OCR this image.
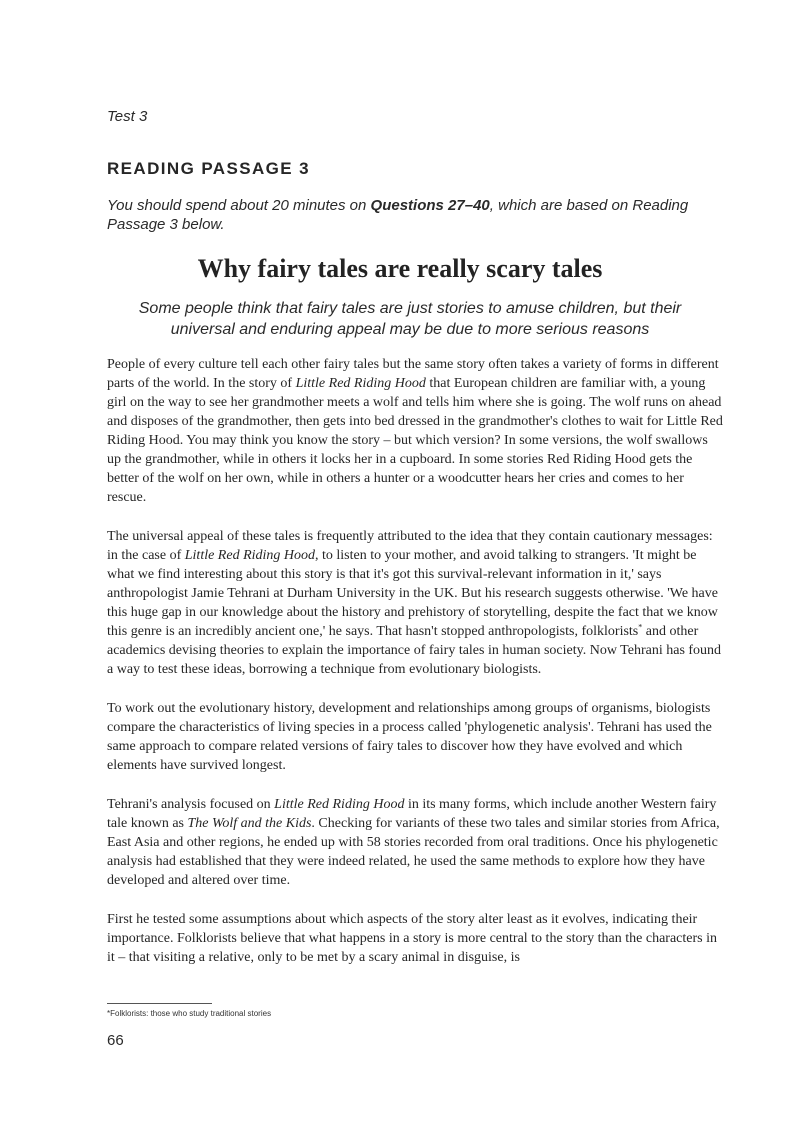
Test 3
READING PASSAGE 3
You should spend about 20 minutes on Questions 27–40, which are based on Reading Passage 3 below.
Why fairy tales are really scary tales
Some people think that fairy tales are just stories to amuse children, but their universal and enduring appeal may be due to more serious reasons

People of every culture tell each other fairy tales but the same story often takes a variety of forms in different parts of the world. In the story of Little Red Riding Hood that European children are familiar with, a young girl on the way to see her grandmother meets a wolf and tells him where she is going. The wolf runs on ahead and disposes of the grandmother, then gets into bed dressed in the grandmother's clothes to wait for Little Red Riding Hood. You may think you know the story – but which version? In some versions, the wolf swallows up the grandmother, while in others it locks her in a cupboard. In some stories Red Riding Hood gets the better of the wolf on her own, while in others a hunter or a woodcutter hears her cries and comes to her rescue.

The universal appeal of these tales is frequently attributed to the idea that they contain cautionary messages: in the case of Little Red Riding Hood, to listen to your mother, and avoid talking to strangers. 'It might be what we find interesting about this story is that it's got this survival-relevant information in it,' says anthropologist Jamie Tehrani at Durham University in the UK. But his research suggests otherwise. 'We have this huge gap in our knowledge about the history and prehistory of storytelling, despite the fact that we know this genre is an incredibly ancient one,' he says. That hasn't stopped anthropologists, folklorists* and other academics devising theories to explain the importance of fairy tales in human society. Now Tehrani has found a way to test these ideas, borrowing a technique from evolutionary biologists.

To work out the evolutionary history, development and relationships among groups of organisms, biologists compare the characteristics of living species in a process called 'phylogenetic analysis'. Tehrani has used the same approach to compare related versions of fairy tales to discover how they have evolved and which elements have survived longest.

Tehrani's analysis focused on Little Red Riding Hood in its many forms, which include another Western fairy tale known as The Wolf and the Kids. Checking for variants of these two tales and similar stories from Africa, East Asia and other regions, he ended up with 58 stories recorded from oral traditions. Once his phylogenetic analysis had established that they were indeed related, he used the same methods to explore how they have developed and altered over time.

First he tested some assumptions about which aspects of the story alter least as it evolves, indicating their importance. Folklorists believe that what happens in a story is more central to the story than the characters in it – that visiting a relative, only to be met by a scary animal in disguise, is

*Folklorists: those who study traditional stories
66
